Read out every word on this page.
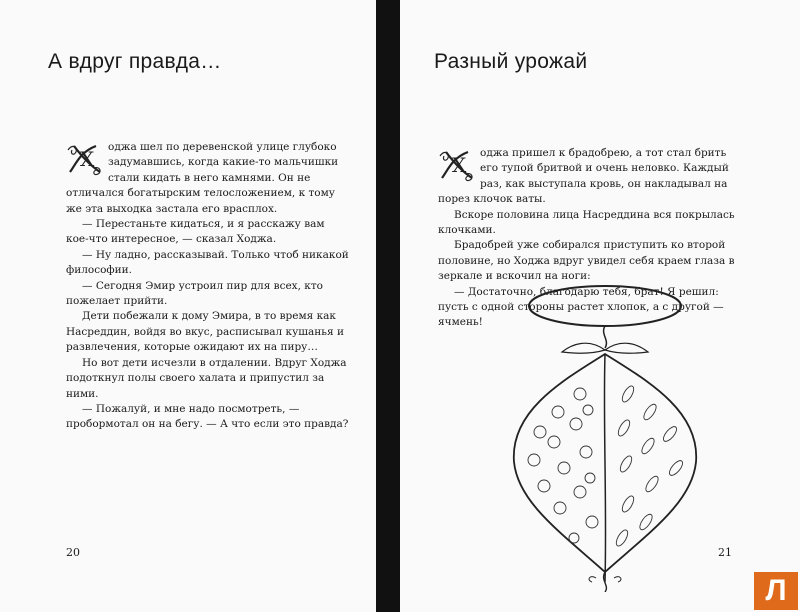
А вдруг правда…
Х	оджа шел по деревенской улице глубоко задумавшись, когда какие-то мальчишки стали кидать в него камнями. Он не отличался богатырским телосложением, к тому же эта выходка застала его врасплох.

— Перестаньте кидаться, и я расскажу вам кое-что интересное, — сказал Ходжа.

— Ну ладно, рассказывай. Только чтоб никакой философии.

— Сегодня Эмир устроил пир для всех, кто пожелает прийти.

Дети побежали к дому Эмира, в то время как Насреддин, войдя во вкус, расписывал кушанья и развлечения, которые ожидают их на пиру…

Но вот дети исчезли в отдалении. Вдруг Ходжа подоткнул полы своего халата и припустил за ними.

— Пожалуй, и мне надо посмотреть, — пробормотал он на бегу. — А что если это правда?

20
Разный урожай
Х	оджа пришел к брадобрею, а тот стал брить его тупой бритвой и очень неловко. Каждый раз, как выступала кровь, он накладывал на порез клочок ваты.

Вскоре половина лица Насреддина вся покрылась клочками.

Брадобрей уже собирался приступить ко второй половине, но Ходжа вдруг увидел себя краем глаза в зеркале и вскочил на ноги:

— Достаточно, благодарю тебя, брат! Я решил: пусть с одной стороны растет хлопок, а с другой — ячмень!

21
Л
